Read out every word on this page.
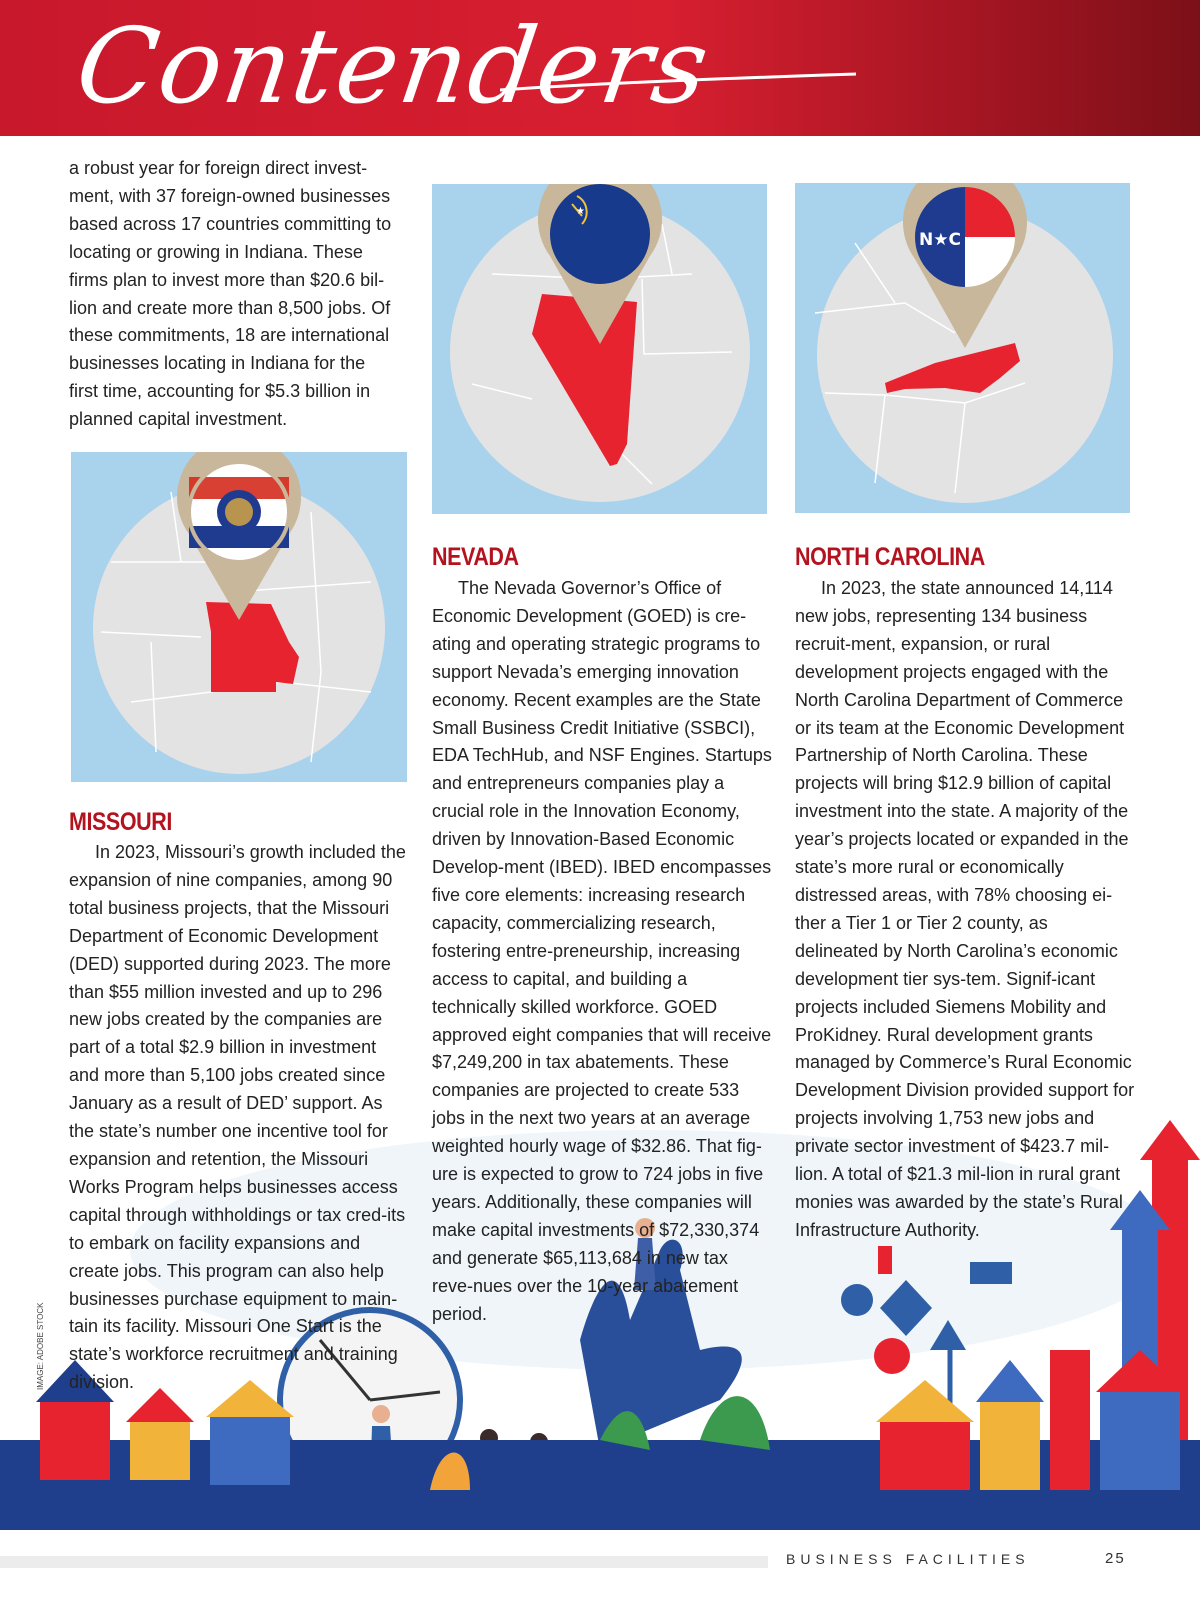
Contenders

a robust year for foreign direct invest-ment, with 37 foreign-owned businesses based across 17 countries committing to locating or growing in Indiana. These firms plan to invest more than $20.6 bil-lion and create more than 8,500 jobs. Of these commitments, 18 are international businesses locating in Indiana for the first time, accounting for $5.3 billion in planned capital investment.

★
N★C
20th 1775
12th 1776
IMAGE: ADOBE STOCK
MISSOURI

In 2023, Missouri’s growth included the expansion of nine companies, among 90 total business projects, that the Missouri Department of Economic Development (DED) supported during 2023. The more than $55 million invested and up to 296 new jobs created by the companies are part of a total $2.9 billion in investment and more than 5,100 jobs created since January as a result of DED’ support. As the state’s number one incentive tool for expansion and retention, the Missouri Works Program helps businesses access capital through withholdings or tax cred-its to embark on facility expansions and create jobs. This program can also help businesses purchase equipment to main-tain its facility. Missouri One Start is the state’s workforce recruitment and training division.

NEVADA

The Nevada Governor’s Office of Economic Development (GOED) is cre-ating and operating strategic programs to support Nevada’s emerging innovation economy. Recent examples are the State Small Business Credit Initiative (SSBCI), EDA TechHub, and NSF Engines. Startups and entrepreneurs companies play a crucial role in the Innovation Economy, driven by Innovation-Based Economic Develop-ment (IBED). IBED encompasses five core elements: increasing research capacity, commercializing research, fostering entre-preneurship, increasing access to capital, and building a technically skilled workforce. GOED approved eight companies that will receive $7,249,200 in tax abatements. These companies are projected to create 533 jobs in the next two years at an average weighted hourly wage of $32.86. That fig-ure is expected to grow to 724 jobs in five years. Additionally, these companies will make capital investments of $72,330,374 and generate $65,113,684 in new tax reve-nues over the 10-year abatement period.

NORTH CAROLINA

In 2023, the state announced 14,114 new jobs, representing 134 business recruit-ment, expansion, or rural development projects engaged with the North Carolina Department of Commerce or its team at the Economic Development Partnership of North Carolina. These projects will bring $12.9 billion of capital investment into the state. A majority of the year’s projects located or expanded in the state’s more rural or economically distressed areas, with 78% choosing ei-ther a Tier 1 or Tier 2 county, as delineated by North Carolina’s economic development tier sys-tem. Signif-icant projects included Siemens Mobility and ProKidney. Rural development grants managed by Commerce’s Rural Economic Development Division provided support for projects involving 1,753 new jobs and private sector investment of $423.7 mil-lion. A total of $21.3 mil-lion in rural grant monies was awarded by the state’s Rural Infrastructure Authority.

BUSINESS FACILITIES	25
